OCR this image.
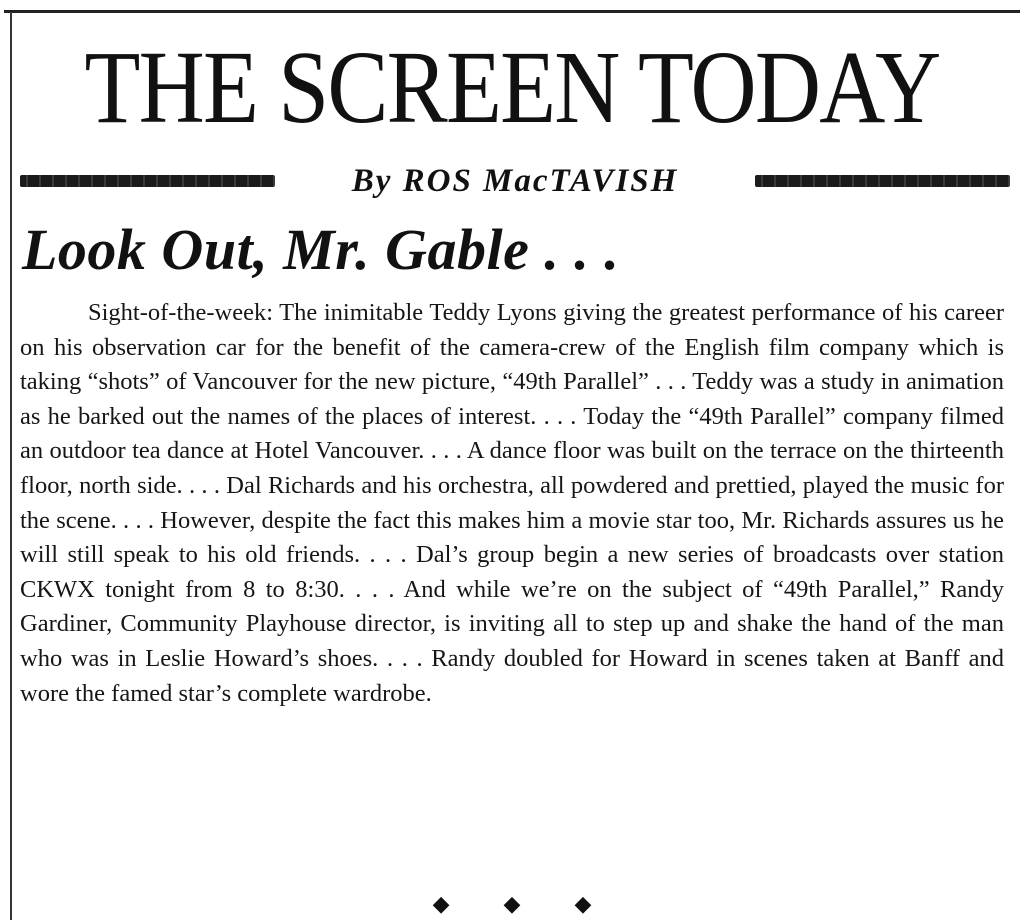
THE SCREEN TODAY
By ROS MacTAVISH
Look Out, Mr. Gable . . .

Sight-of-the-week: The inimitable Teddy Lyons giving the greatest performance of his career on his observation car for the benefit of the camera-crew of the English film company which is taking “shots” of Vancouver for the new picture, “49th Parallel” . . . Teddy was a study in animation as he barked out the names of the places of interest. . . . Today the “49th Parallel” company filmed an outdoor tea dance at Hotel Vancouver. . . . A dance floor was built on the terrace on the thirteenth floor, north side. . . . Dal Richards and his orchestra, all powdered and prettied, played the music for the scene. . . . However, despite the fact this makes him a movie star too, Mr. Richards assures us he will still speak to his old friends. . . . Dal’s group begin a new series of broadcasts over station CKWX tonight from 8 to 8:30. . . . And while we’re on the subject of “49th Parallel,” Randy Gardiner, Community Playhouse director, is inviting all to step up and shake the hand of the man who was in Leslie Howard’s shoes. . . . Randy doubled for Howard in scenes taken at Banff and wore the famed star’s complete wardrobe.

◆◆◆
